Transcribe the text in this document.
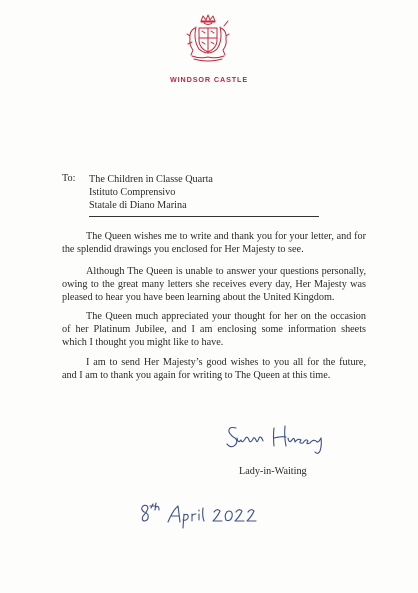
WINDSOR CASTLE
To: The Children in Classe Quarta
Istituto Comprensivo
Statale di Diano Marina

The Queen wishes me to write and thank you for your letter, and for the splendid drawings you enclosed for Her Majesty to see.

Although The Queen is unable to answer your questions personally, owing to the great many letters she receives every day, Her Majesty was pleased to hear you have been learning about the United Kingdom.

The Queen much appreciated your thought for her on the occasion of her Platinum Jubilee, and I am enclosing some information sheets which I thought you might like to have.

I am to send Her Majesty’s good wishes to you all for the future, and I am to thank you again for writing to The Queen at this time.

Lady-in-Waiting
